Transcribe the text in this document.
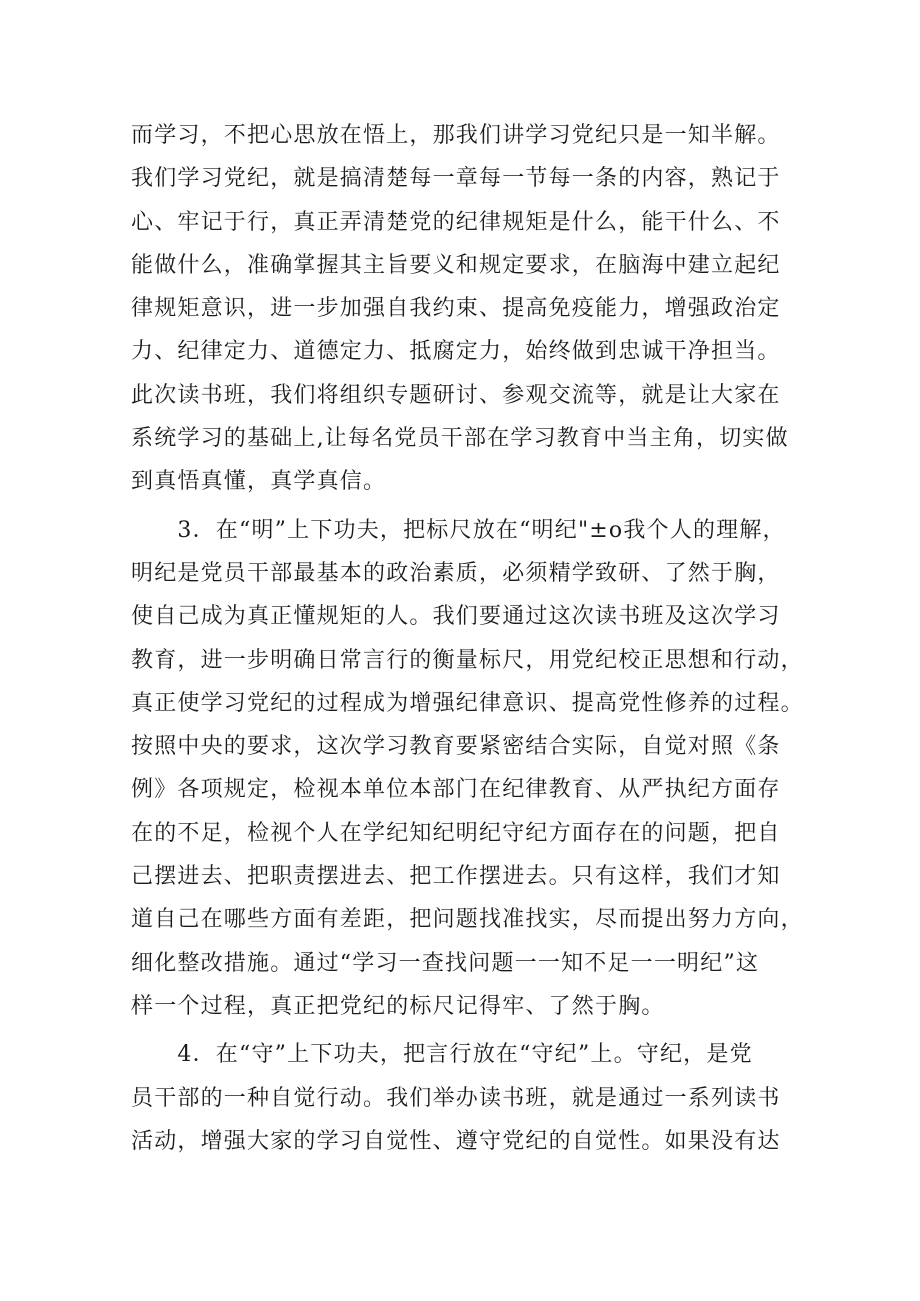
而学习，不把心思放在悟上，那我们讲学习党纪只是一知半解。
我们学习党纪，就是搞清楚每一章每一节每一条的内容，熟记于
心、牢记于行，真正弄清楚党的纪律规矩是什么，能干什么、不
能做什么，准确掌握其主旨要义和规定要求，在脑海中建立起纪
律规矩意识，进一步加强自我约束、提高免疫能力，增强政治定
力、纪律定力、道德定力、抵腐定力，始终做到忠诚干净担当。
此次读书班，我们将组织专题研讨、参观交流等，就是让大家在
系统学习的基础上,让每名党员干部在学习教育中当主角，切实做
到真悟真懂，真学真信。
　　3．在“明”上下功夫，把标尺放在“明纪"±o我个人的理解，
明纪是党员干部最基本的政治素质，必须精学致研、了然于胸，
使自己成为真正懂规矩的人。我们要通过这次读书班及这次学习
教育，进一步明确日常言行的衡量标尺，用党纪校正思想和行动，
真正使学习党纪的过程成为增强纪律意识、提高党性修养的过程。
按照中央的要求，这次学习教育要紧密结合实际，自觉对照《条
例》各项规定，检视本单位本部门在纪律教育、从严执纪方面存
在的不足，检视个人在学纪知纪明纪守纪方面存在的问题，把自
己摆进去、把职责摆进去、把工作摆进去。只有这样，我们才知
道自己在哪些方面有差距，把问题找准找实，尽而提出努力方向，
细化整改措施。通过“学习一查找问题一一知不足一一明纪”这
样一个过程，真正把党纪的标尺记得牢、了然于胸。
　　4．在“守”上下功夫，把言行放在“守纪”上。守纪，是党
员干部的一种自觉行动。我们举办读书班，就是通过一系列读书
活动，增强大家的学习自觉性、遵守党纪的自觉性。如果没有达
